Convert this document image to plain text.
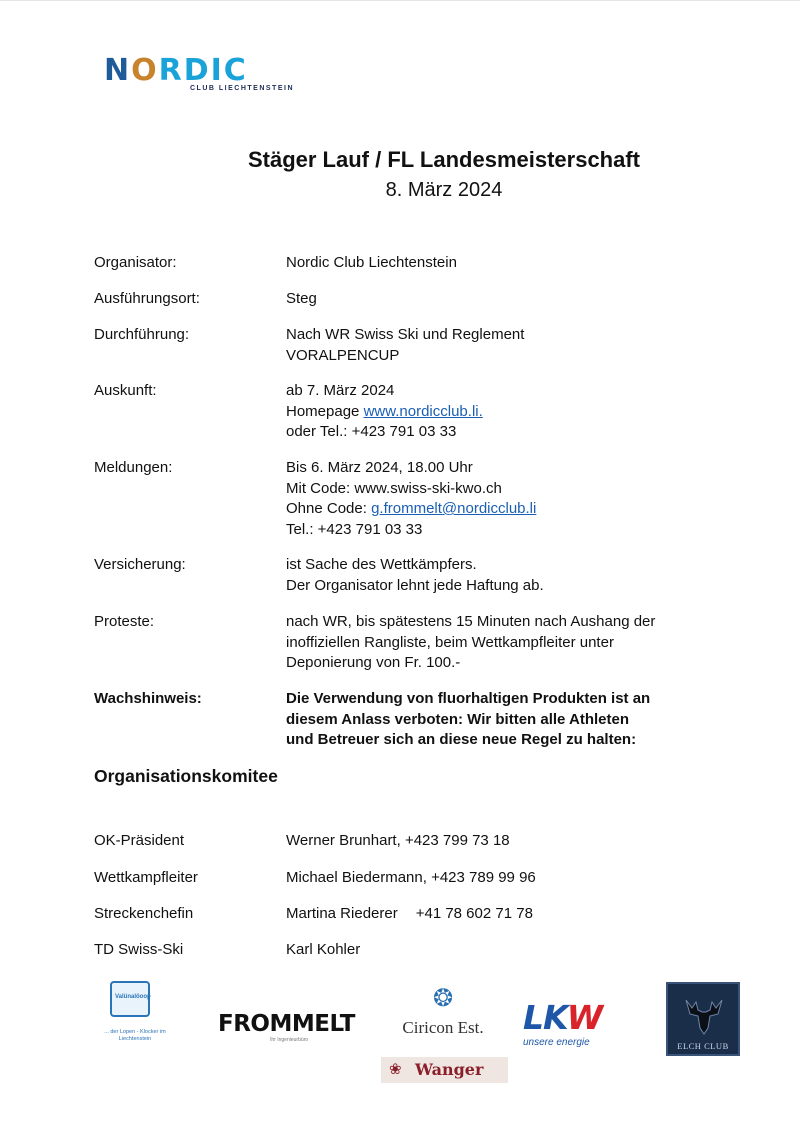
NORDIC
CLUB LIECHTENSTEIN
Stäger Lauf / FL Landesmeisterschaft
8. März 2024
Organisator:	Nordic Club Liechtenstein
Ausführungsort:	Steg
Durchführung:	Nach WR Swiss Ski und Reglement
VORALPENCUP
Auskunft:	ab 7. März 2024
Homepage www.nordicclub.li.
oder Tel.: +423 791 03 33
Meldungen:	Bis 6. März 2024, 18.00 Uhr
Mit Code: www.swiss-ski-kwo.ch
Ohne Code: g.frommelt@nordicclub.li
Tel.: +423 791 03 33
Versicherung:	ist Sache des Wettkämpfers.
Der Organisator lehnt jede Haftung ab.
Proteste:	nach WR, bis spätestens 15 Minuten nach Aushang der
inoffiziellen Rangliste, beim Wettkampfleiter unter
Deponierung von Fr. 100.-
Wachshinweis:	Die Verwendung von fluorhaltigen Produkten ist an
diesem Anlass verboten: Wir bitten alle Athleten
und Betreuer sich an diese neue Regel zu halten:
Organisationskomitee
OK-Präsident	Werner Brunhart, +423 799 73 18
Wettkampfleiter	Michael Biedermann, +423 789 99 96
Streckenchefin	Martina Riederer +41 78 602 71 78
TD Swiss-Ski	Karl Kohler
Valünalöoop
... der Lopen - Klocker im Liechtenstein
FROMMELT
Ihr Ingenieurbüro
❂
Ciricon Est. LKW
unsere energie	ELCH CLUB
❀ Wanger
